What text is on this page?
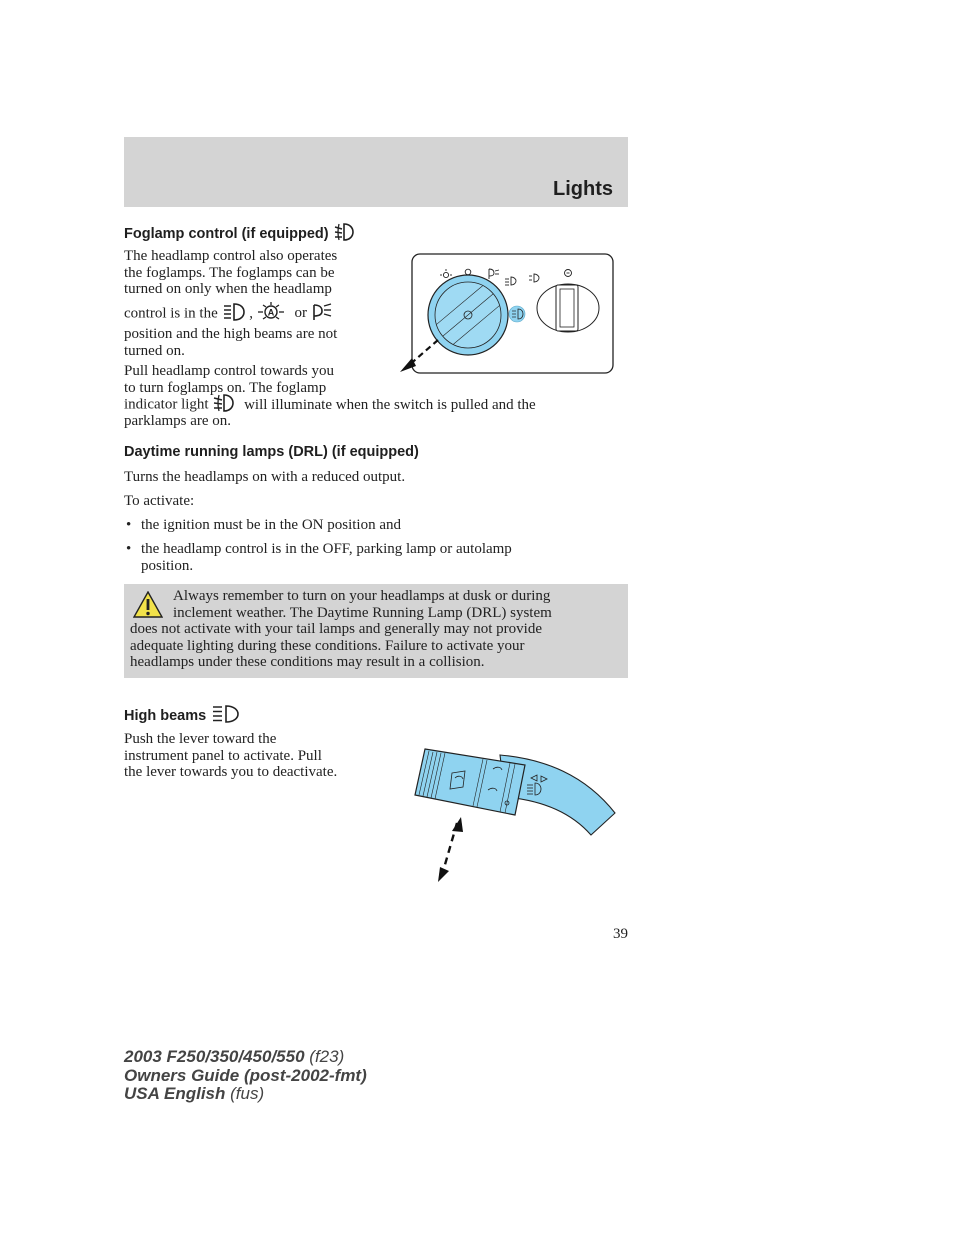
Lights
Foglamp control (if equipped)
The headlamp control also operates
the foglamps. The foglamps can be
turned on only when the headlamp
control is in the , A or
position and the high beams are not
turned on.
Pull headlamp control towards you
to turn foglamps on. The foglamp
indicator light will illuminate when the switch is pulled and the
parklamps are on.
Daytime running lamps (DRL) (if equipped)
Turns the headlamps on with a reduced output.
To activate:
• the ignition must be in the ON position and
• the headlamp control is in the OFF, parking lamp or autolamp
position.
Always remember to turn on your headlamps at dusk or during
inclement weather. The Daytime Running Lamp (DRL) system
does not activate with your tail lamps and generally may not provide
adequate lighting during these conditions. Failure to activate your
headlamps under these conditions may result in a collision.
High beams
Push the lever toward the
instrument panel to activate. Pull
the lever towards you to deactivate.
39
2003 F250/350/450/550 (f23)
Owners Guide (post-2002-fmt)
USA English (fus)
